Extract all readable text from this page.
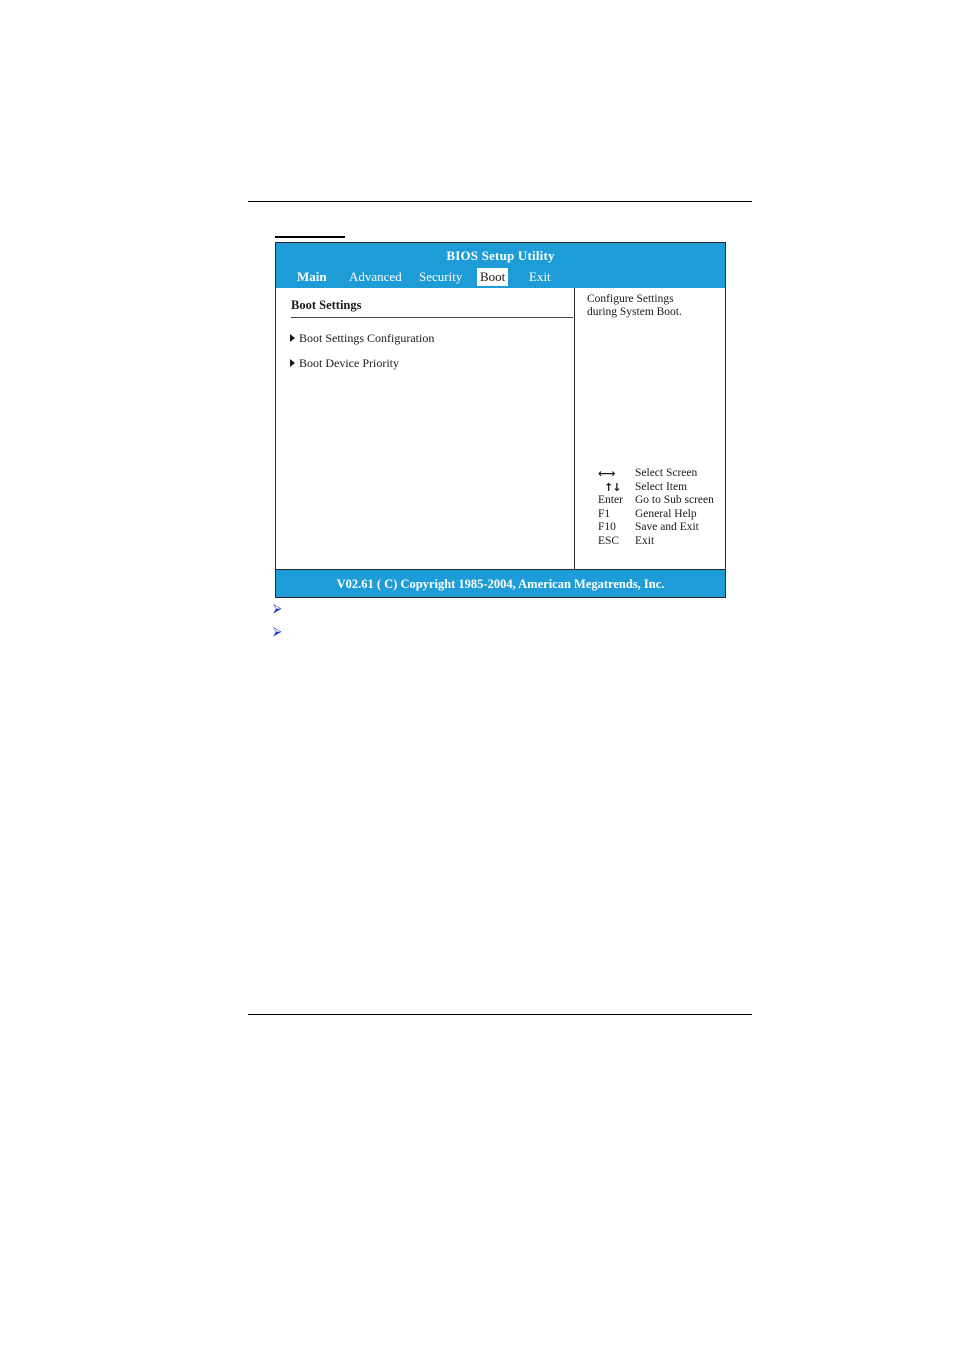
BIOS Setup Utility
Main Advanced Security Boot Exit
Boot Settings
Boot Settings Configuration
Boot Device Priority
Configure Settings
during System Boot.
←→	Select Screen
↑↓	Select Item
Enter	Go to Sub screen
F1	General Help
F10	Save and Exit
ESC	Exit
V02.61 ( C) Copyright 1985-2004, American Megatrends, Inc.
⮚
⮚
